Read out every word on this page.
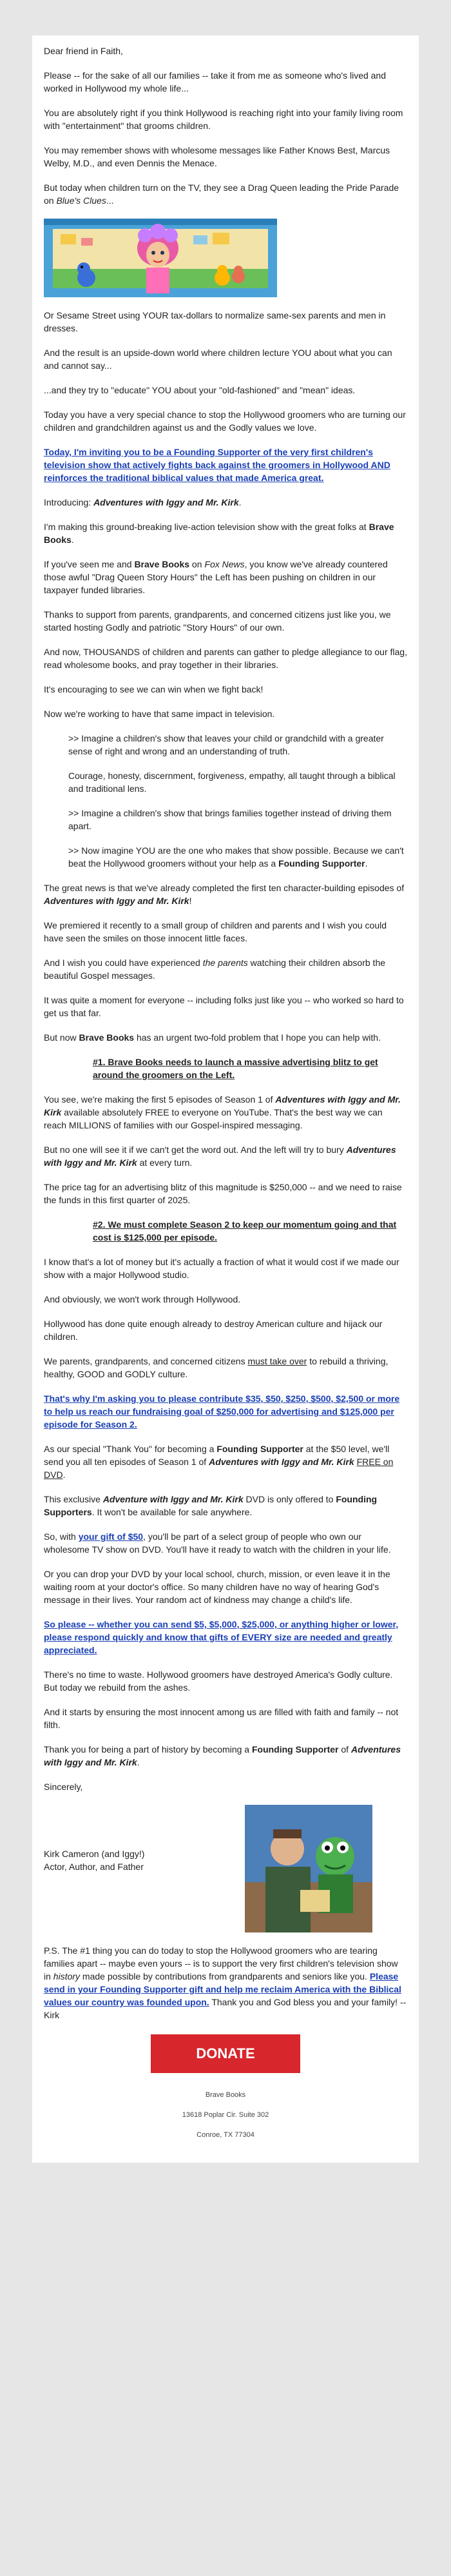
Dear friend in Faith,

Please -- for the sake of all our families -- take it from me as someone who's lived and worked in Hollywood my whole life...

You are absolutely right if you think Hollywood is reaching right into your family living room with "entertainment" that grooms children.

You may remember shows with wholesome messages like Father Knows Best, Marcus Welby, M.D., and even Dennis the Menace.

But today when children turn on the TV, they see a Drag Queen leading the Pride Parade on Blue's Clues...

Or Sesame Street using YOUR tax-dollars to normalize same-sex parents and men in dresses.

And the result is an upside-down world where children lecture YOU about what you can and cannot say...

...and they try to "educate" YOU about your "old-fashioned" and "mean" ideas.

Today you have a very special chance to stop the Hollywood groomers who are turning our children and grandchildren against us and the Godly values we love.

Today, I'm inviting you to be a Founding Supporter of the very first children's television show that actively fights back against the groomers in Hollywood AND reinforces the traditional biblical values that made America great.

Introducing: Adventures with Iggy and Mr. Kirk.

I'm making this ground-breaking live-action television show with the great folks at Brave Books.

If you've seen me and Brave Books on Fox News, you know we've already countered those awful "Drag Queen Story Hours" the Left has been pushing on children in our taxpayer funded libraries.

Thanks to support from parents, grandparents, and concerned citizens just like you, we started hosting Godly and patriotic "Story Hours" of our own.

And now, THOUSANDS of children and parents can gather to pledge allegiance to our flag, read wholesome books, and pray together in their libraries.

It's encouraging to see we can win when we fight back!

Now we're working to have that same impact in television.

>> Imagine a children's show that leaves your child or grandchild with a greater sense of right and wrong and an understanding of truth.

Courage, honesty, discernment, forgiveness, empathy, all taught through a biblical and traditional lens.

>> Imagine a children's show that brings families together instead of driving them apart.

>> Now imagine YOU are the one who makes that show possible. Because we can't beat the Hollywood groomers without your help as a Founding Supporter.

The great news is that we've already completed the first ten character-building episodes of Adventures with Iggy and Mr. Kirk!

We premiered it recently to a small group of children and parents and I wish you could have seen the smiles on those innocent little faces.

And I wish you could have experienced the parents watching their children absorb the beautiful Gospel messages.

It was quite a moment for everyone -- including folks just like you -- who worked so hard to get us that far.

But now Brave Books has an urgent two-fold problem that I hope you can help with.

#1. Brave Books needs to launch a massive advertising blitz to get around the groomers on the Left.

You see, we're making the first 5 episodes of Season 1 of Adventures with Iggy and Mr. Kirk available absolutely FREE to everyone on YouTube. That's the best way we can reach MILLIONS of families with our Gospel-inspired messaging.

But no one will see it if we can't get the word out. And the left will try to bury Adventures with Iggy and Mr. Kirk at every turn.

The price tag for an advertising blitz of this magnitude is $250,000 -- and we need to raise the funds in this first quarter of 2025.

#2. We must complete Season 2 to keep our momentum going and that cost is $125,000 per episode.

I know that's a lot of money but it's actually a fraction of what it would cost if we made our show with a major Hollywood studio.

And obviously, we won't work through Hollywood.

Hollywood has done quite enough already to destroy American culture and hijack our children.

We parents, grandparents, and concerned citizens must take over to rebuild a thriving, healthy, GOOD and GODLY culture.

That's why I'm asking you to please contribute $35, $50, $250, $500, $2,500 or more to help us reach our fundraising goal of $250,000 for advertising and $125,000 per episode for Season 2.

As our special "Thank You" for becoming a Founding Supporter at the $50 level, we'll send you all ten episodes of Season 1 of Adventures with Iggy and Mr. Kirk FREE on DVD.

This exclusive Adventure with Iggy and Mr. Kirk DVD is only offered to Founding Supporters. It won't be available for sale anywhere.

So, with your gift of $50, you'll be part of a select group of people who own our wholesome TV show on DVD. You'll have it ready to watch with the children in your life.

Or you can drop your DVD by your local school, church, mission, or even leave it in the waiting room at your doctor's office. So many children have no way of hearing God's message in their lives. Your random act of kindness may change a child's life.

So please -- whether you can send $5, $5,000, $25,000, or anything higher or lower, please respond quickly and know that gifts of EVERY size are needed and greatly appreciated.

There's no time to waste. Hollywood groomers have destroyed America's Godly culture. But today we rebuild from the ashes.

And it starts by ensuring the most innocent among us are filled with faith and family -- not filth.

Thank you for being a part of history by becoming a Founding Supporter of Adventures with Iggy and Mr. Kirk.

Sincerely,

Kirk Cameron (and Iggy!)

Actor, Author, and Father

P.S. The #1 thing you can do today to stop the Hollywood groomers who are tearing families apart -- maybe even yours -- is to support the very first children's television show in history made possible by contributions from grandparents and seniors like you. Please send in your Founding Supporter gift and help me reclaim America with the Biblical values our country was founded upon. Thank you and God bless you and your family! -- Kirk

DONATE
Brave Books
13618 Poplar Cir. Suite 302
Conroe, TX 77304
